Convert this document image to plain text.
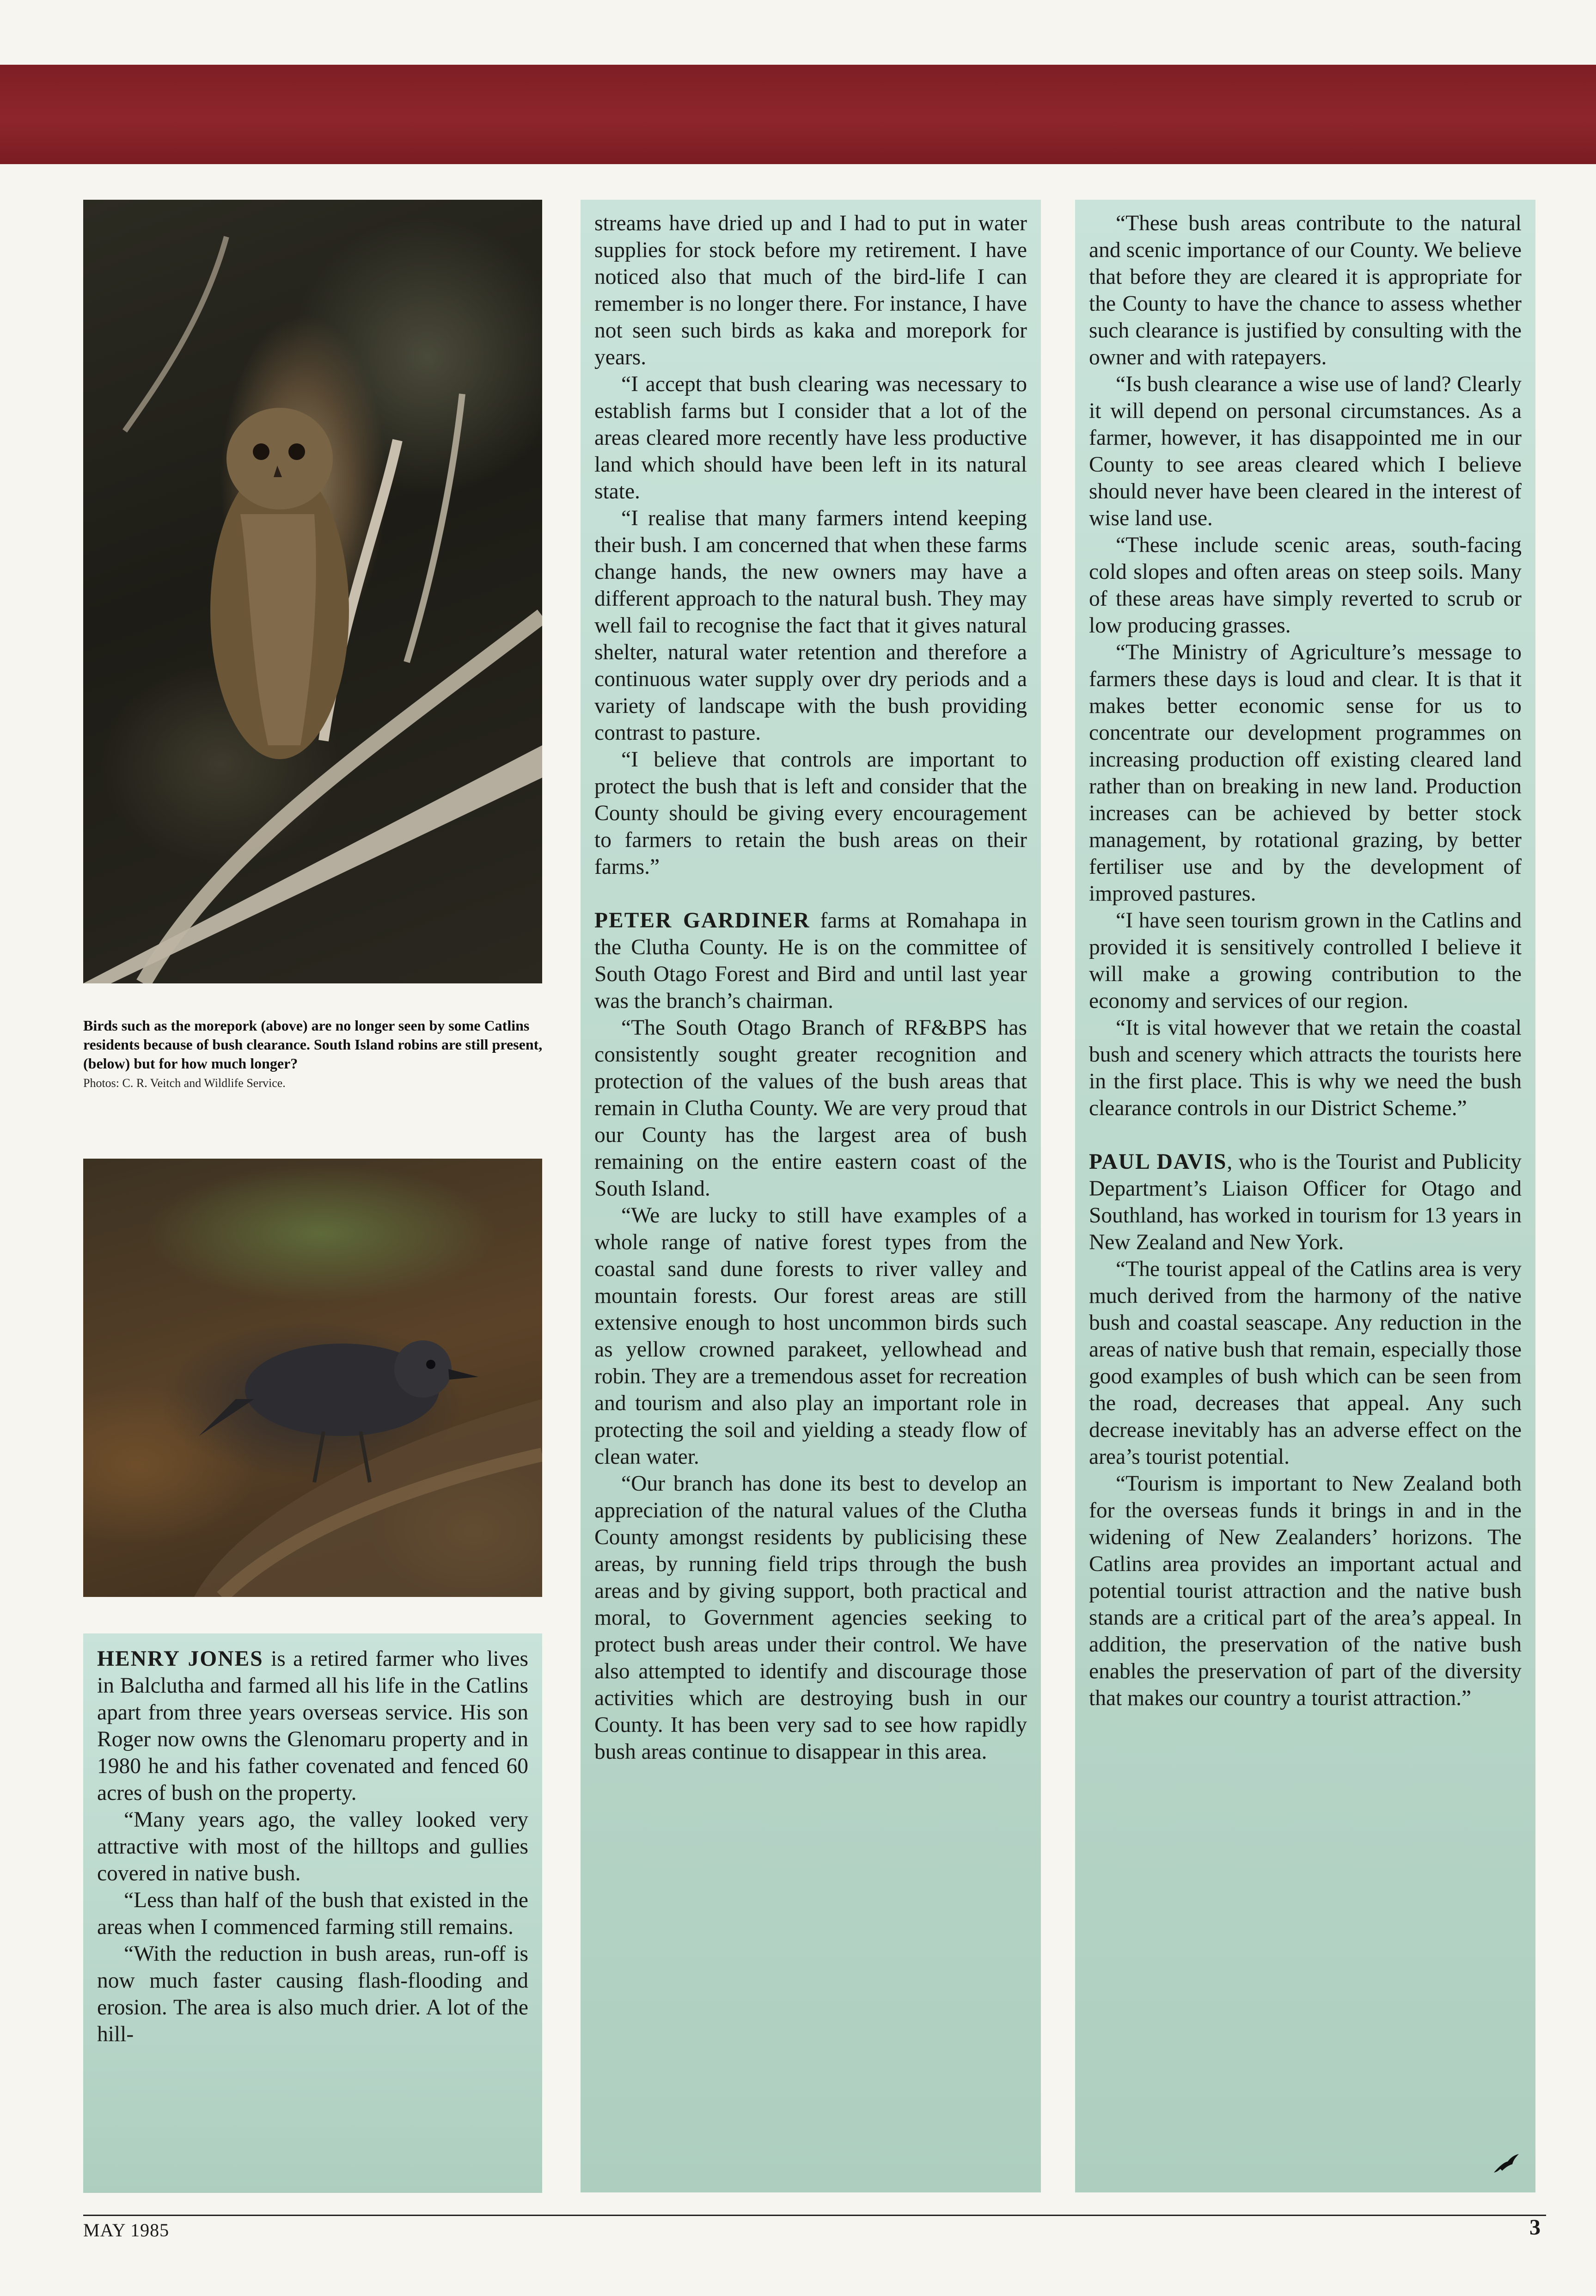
Birds such as the morepork (above) are no longer seen by some Catlins residents because of bush clearance. South Island robins are still present, (below) but for how much longer?

Photos: C. R. Veitch and Wildlife Service.

HENRY JONES is a retired farmer who lives in Balclutha and farmed all his life in the Catlins apart from three years overseas service. His son Roger now owns the Glenomaru property and in 1980 he and his father covenated and fenced 60 acres of bush on the property.

“Many years ago, the valley looked very attractive with most of the hilltops and gullies covered in native bush.

“Less than half of the bush that existed in the areas when I commenced farming still remains.

“With the reduction in bush areas, run-off is now much faster causing flash-flooding and erosion. The area is also much drier. A lot of the hill-

streams have dried up and I had to put in water supplies for stock before my retirement. I have noticed also that much of the bird-life I can remember is no longer there. For instance, I have not seen such birds as kaka and morepork for years.

“I accept that bush clearing was necessary to establish farms but I consider that a lot of the areas cleared more recently have less productive land which should have been left in its natural state.

“I realise that many farmers intend keeping their bush. I am concerned that when these farms change hands, the new owners may have a different approach to the natural bush. They may well fail to recognise the fact that it gives natural shelter, natural water retention and therefore a continuous water supply over dry periods and a variety of landscape with the bush providing contrast to pasture.

“I believe that controls are important to protect the bush that is left and consider that the County should be giving every encouragement to farmers to retain the bush areas on their farms.”

PETER GARDINER farms at Romahapa in the Clutha County. He is on the committee of South Otago Forest and Bird and until last year was the branch’s chairman.

“The South Otago Branch of RF&BPS has consistently sought greater recognition and protection of the values of the bush areas that remain in Clutha County. We are very proud that our County has the largest area of bush remaining on the entire eastern coast of the South Island.

“We are lucky to still have examples of a whole range of native forest types from the coastal sand dune forests to river valley and mountain forests. Our forest areas are still extensive enough to host uncommon birds such as yellow crowned parakeet, yellowhead and robin. They are a tremendous asset for recreation and tourism and also play an important role in protecting the soil and yielding a steady flow of clean water.

“Our branch has done its best to develop an appreciation of the natural values of the Clutha County amongst residents by publicising these areas, by running field trips through the bush areas and by giving support, both practical and moral, to Government agencies seeking to protect bush areas under their control. We have also attempted to identify and discourage those activities which are destroying bush in our County. It has been very sad to see how rapidly bush areas continue to disappear in this area.

“These bush areas contribute to the natural and scenic importance of our County. We believe that before they are cleared it is appropriate for the County to have the chance to assess whether such clearance is justified by consulting with the owner and with ratepayers.

“Is bush clearance a wise use of land? Clearly it will depend on personal circumstances. As a farmer, however, it has disappointed me in our County to see areas cleared which I believe should never have been cleared in the interest of wise land use.

“These include scenic areas, south-facing cold slopes and often areas on steep soils. Many of these areas have simply reverted to scrub or low producing grasses.

“The Ministry of Agriculture’s message to farmers these days is loud and clear. It is that it makes better economic sense for us to concentrate our development programmes on increasing production off existing cleared land rather than on breaking in new land. Production increases can be achieved by better stock management, by rotational grazing, by better fertiliser use and by the development of improved pastures.

“I have seen tourism grown in the Catlins and provided it is sensitively controlled I believe it will make a growing contribution to the economy and services of our region.

“It is vital however that we retain the coastal bush and scenery which attracts the tourists here in the first place. This is why we need the bush clearance controls in our District Scheme.”

PAUL DAVIS, who is the Tourist and Publicity Department’s Liaison Officer for Otago and Southland, has worked in tourism for 13 years in New Zealand and New York.

“The tourist appeal of the Catlins area is very much derived from the harmony of the native bush and coastal seascape. Any reduction in the areas of native bush that remain, especially those good examples of bush which can be seen from the road, decreases that appeal. Any such decrease inevitably has an adverse effect on the area’s tourist potential.

“Tourism is important to New Zealand both for the overseas funds it brings in and in the widening of New Zealanders’ horizons. The Catlins area provides an important actual and potential tourist attraction and the native bush stands are a critical part of the area’s appeal. In addition, the preservation of the native bush enables the preservation of part of the diversity that makes our country a tourist attraction.”

MAY 1985	3
